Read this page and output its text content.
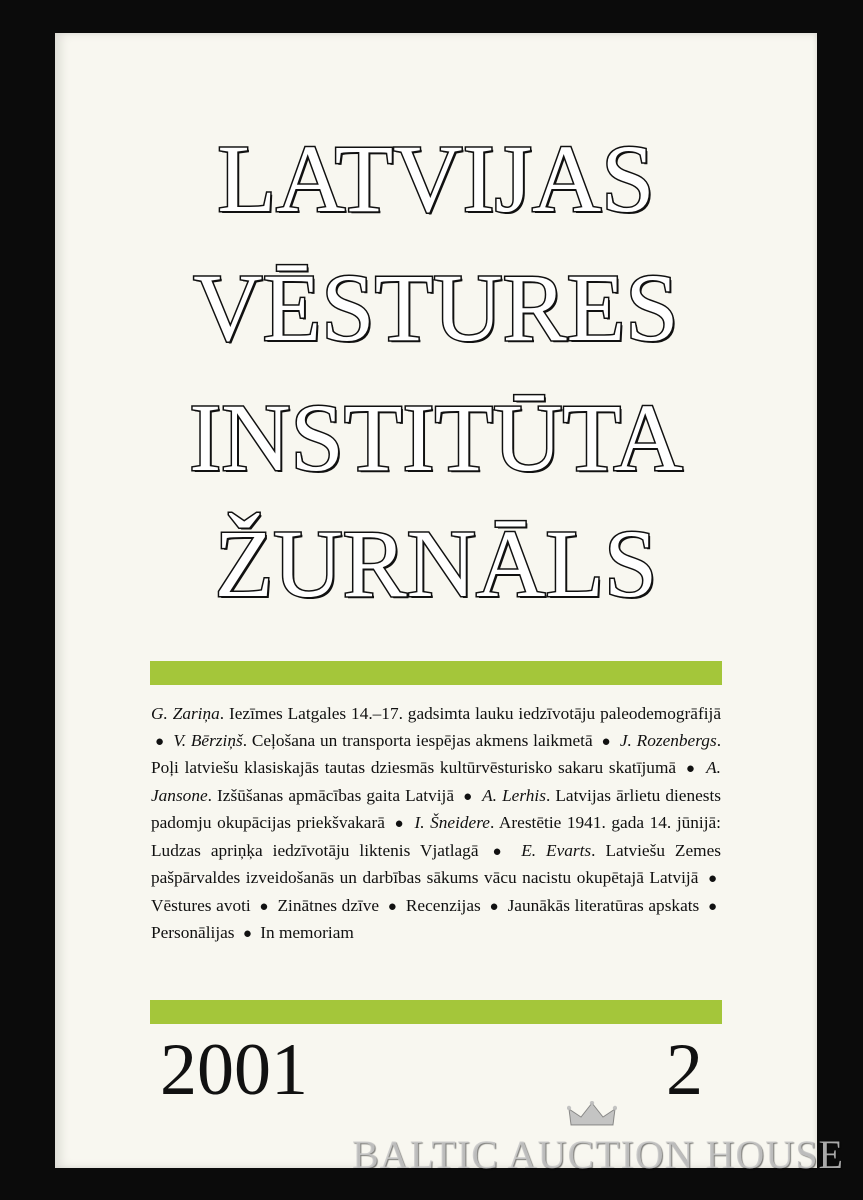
LATVIJAS
VĒSTURES
INSTITŪTA
ŽURNĀLS
G. Zariņa. Iezīmes Latgales 14.–17. gadsimta lauku iedzīvotāju paleodemogrāfijā ● V. Bērziņš. Ceļošana un transporta iespējas akmens laikmetā ● J. Rozenbergs. Poļi latviešu klasiskajās tautas dziesmās kultūrvēsturisko sakaru skatījumā ● A. Jansone. Izšūšanas apmācības gaita Latvijā ● A. Lerhis. Latvijas ārlietu dienests padomju okupācijas priekšvakarā ● I. Šneidere. Arestētie 1941. gada 14. jūnijā: Ludzas apriņķa iedzīvotāju liktenis Vjatlagā ● E. Evarts. Latviešu Zemes pašpārvaldes izveidošanās un darbības sākums vācu nacistu okupētajā Latvijā ● Vēstures avoti ● Zinātnes dzīve ● Recenzijas ● Jaunākās literatūras apskats ● Personālijas ● In memoriam
2001	2
BALTIC AUCTION HOUSE
